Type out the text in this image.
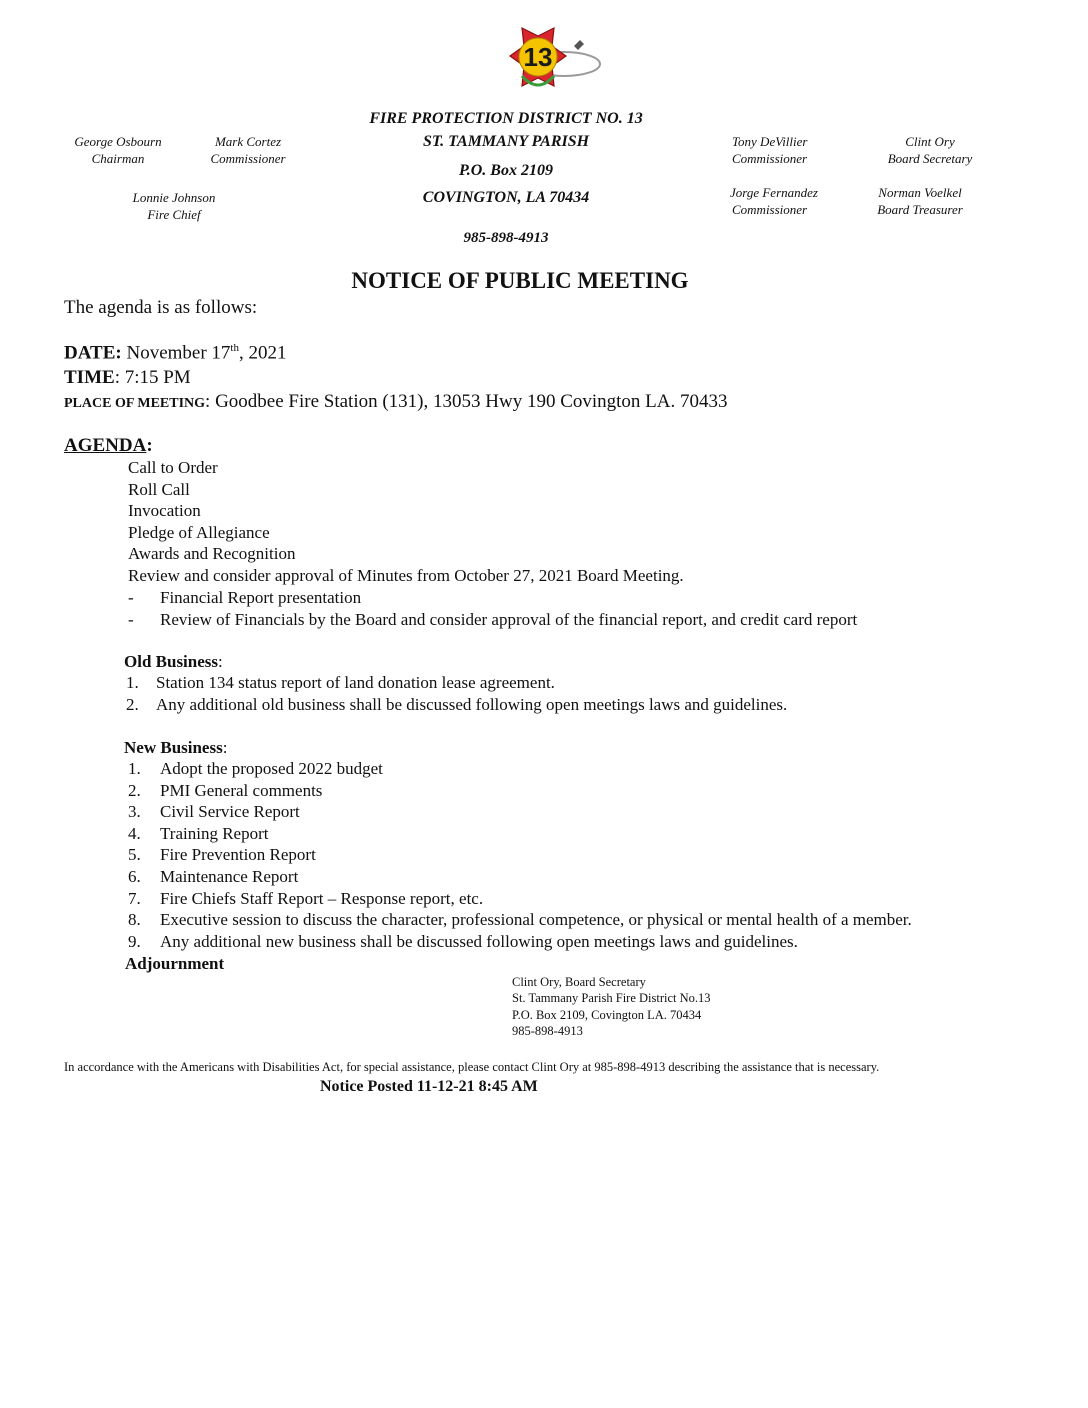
13
FIRE PROTECTION DISTRICT NO. 13
ST. TAMMANY PARISH
P.O. Box 2109
COVINGTON, LA 70434
985-898-4913
George Osbourn
Chairman
Mark Cortez
Commissioner
Lonnie Johnson
Fire Chief
Tony DeVillier
Commissioner
Clint Ory
Board Secretary
Jorge Fernandez
Commissioner
Norman Voelkel
Board Treasurer
NOTICE OF PUBLIC MEETING
The agenda is as follows:
DATE: November 17th, 2021
TIME: 7:15 PM
PLACE OF MEETING: Goodbee Fire Station (131), 13053 Hwy 190 Covington LA. 70433
AGENDA:
Call to Order
Roll Call
Invocation
Pledge of Allegiance
Awards and Recognition
Review and consider approval of Minutes from October 27, 2021 Board Meeting.
-	Financial Report presentation
-	Review of Financials by the Board and consider approval of the financial report, and credit card report
Old Business:
1.	Station 134 status report of land donation lease agreement.
2.	Any additional old business shall be discussed following open meetings laws and guidelines.
New Business:
1.	Adopt the proposed 2022 budget
2.	PMI General comments
3.	Civil Service Report
4.	Training Report
5.	Fire Prevention Report
6.	Maintenance Report
7.	Fire Chiefs Staff Report – Response report, etc.
8.	Executive session to discuss the character, professional competence, or physical or mental health of a member.
9.	Any additional new business shall be discussed following open meetings laws and guidelines.
Adjournment
Clint Ory, Board Secretary
St. Tammany Parish Fire District No.13
P.O. Box 2109, Covington LA. 70434
985-898-4913
In accordance with the Americans with Disabilities Act, for special assistance, please contact Clint Ory at 985-898-4913 describing the assistance that is necessary.
Notice Posted 11-12-21 8:45 AM
